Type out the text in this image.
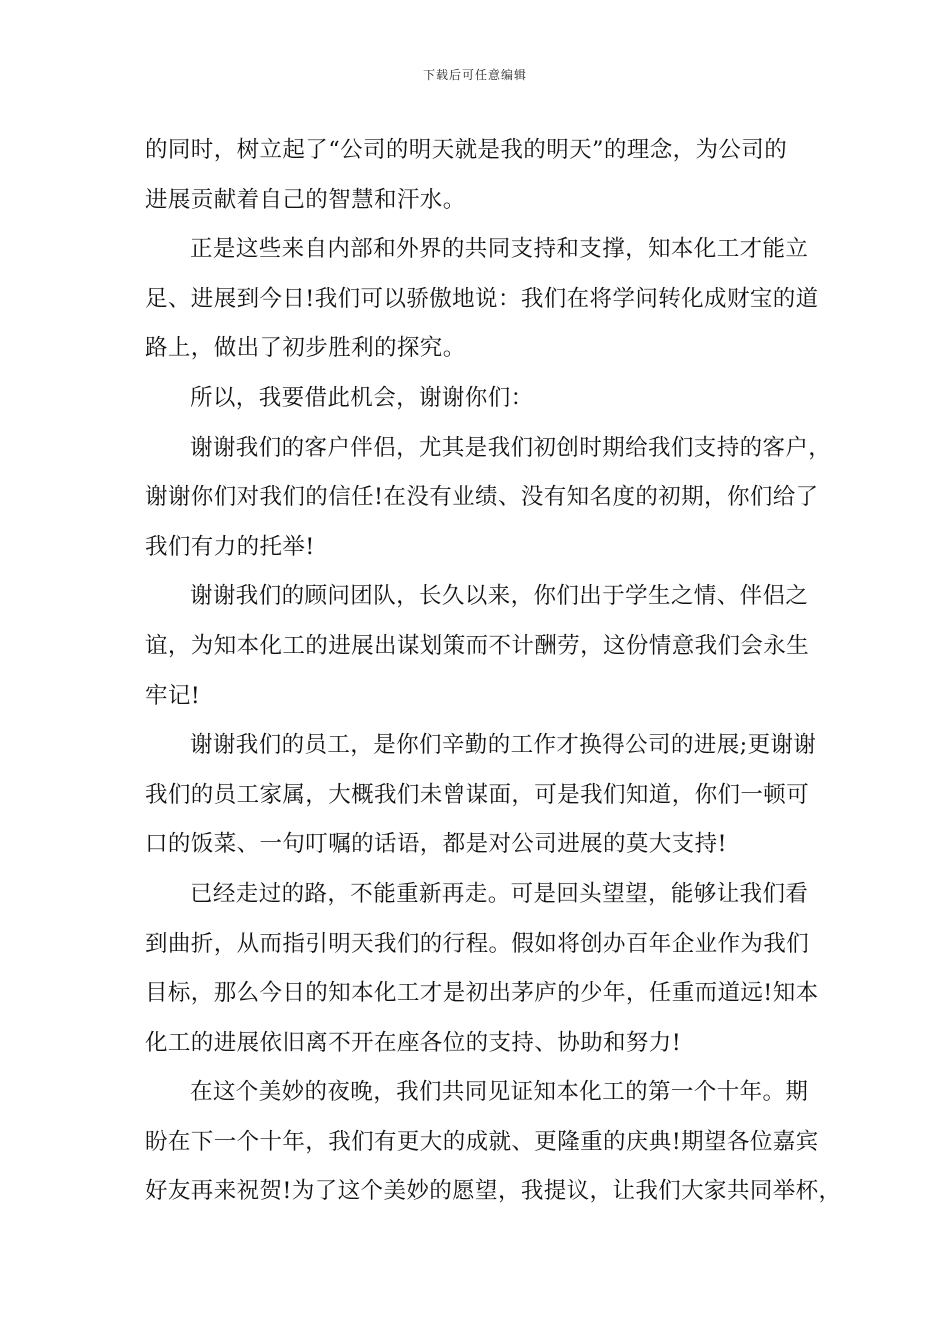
下载后可任意编辑
的同时，树立起了“公司的明天就是我的明天”的理念，为公司的
进展贡献着自己的智慧和汗水。
正是这些来自内部和外界的共同支持和支撑，知本化工才能立
足、进展到今日!我们可以骄傲地说：我们在将学问转化成财宝的道
路上，做出了初步胜利的探究。
所以，我要借此机会，谢谢你们：
谢谢我们的客户伴侣，尤其是我们初创时期给我们支持的客户，
谢谢你们对我们的信任!在没有业绩、没有知名度的初期，你们给了
我们有力的托举!
谢谢我们的顾问团队，长久以来，你们出于学生之情、伴侣之
谊，为知本化工的进展出谋划策而不计酬劳，这份情意我们会永生
牢记!
谢谢我们的员工，是你们辛勤的工作才换得公司的进展;更谢谢
我们的员工家属，大概我们未曾谋面，可是我们知道，你们一顿可
口的饭菜、一句叮嘱的话语，都是对公司进展的莫大支持!
已经走过的路，不能重新再走。可是回头望望，能够让我们看
到曲折，从而指引明天我们的行程。假如将创办百年企业作为我们
目标，那么今日的知本化工才是初出茅庐的少年，任重而道远!知本
化工的进展依旧离不开在座各位的支持、协助和努力!
在这个美妙的夜晚，我们共同见证知本化工的第一个十年。期
盼在下一个十年，我们有更大的成就、更隆重的庆典!期望各位嘉宾
好友再来祝贺!为了这个美妙的愿望，我提议，让我们大家共同举杯，
